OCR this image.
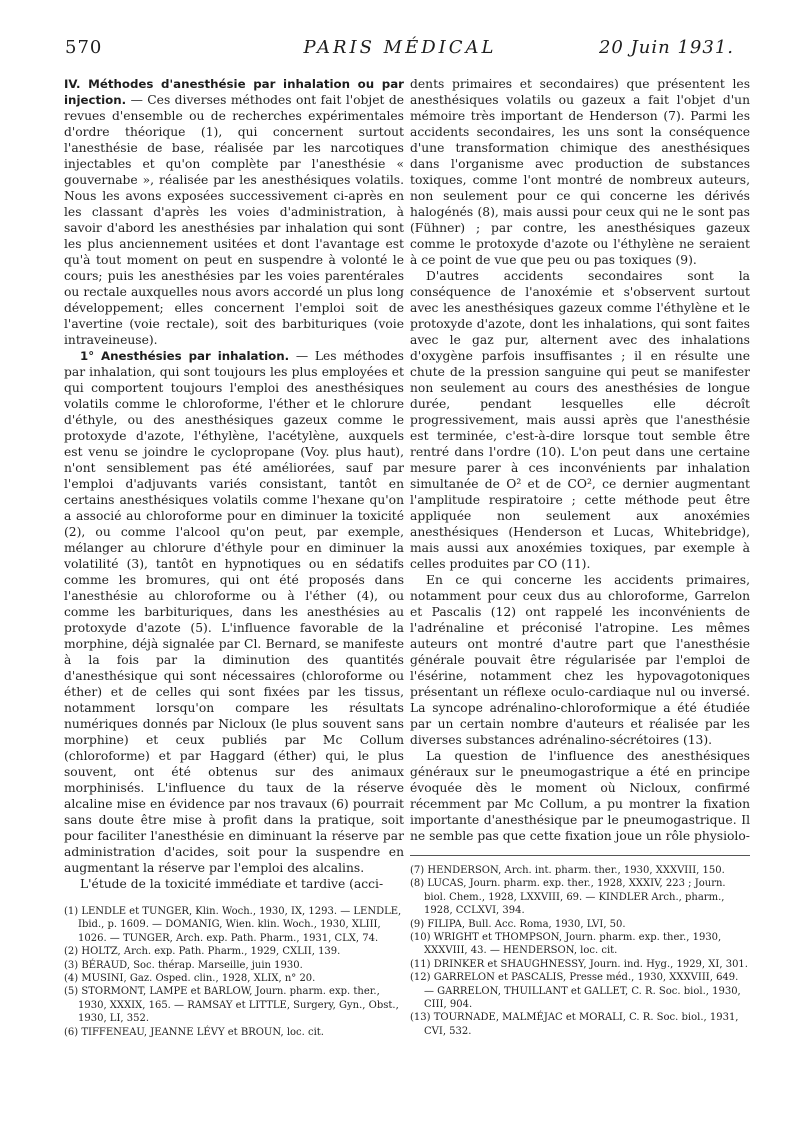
570	PARIS MÉDICAL	20 Juin 1931.

IV. Méthodes d'anesthésie par inhalation ou par injection. — Ces diverses méthodes ont fait l'objet de revues d'ensemble ou de recherches expérimentales d'ordre théorique (1), qui concernent surtout l'anesthésie de base, réalisée par les narcotiques injectables et qu'on complète par l'anesthésie « gouvernabe », réalisée par les anesthésiques volatils. Nous les avons exposées successivement ci-après en les classant d'après les voies d'administration, à savoir d'abord les anesthésies par inhalation qui sont les plus anciennement usitées et dont l'avantage est qu'à tout moment on peut en suspendre à volonté le cours; puis les anesthésies par les voies parentérales ou rectale auxquelles nous avors accordé un plus long développement; elles concernent l'emploi soit de l'avertine (voie rectale), soit des barbituriques (voie intraveineuse).

1° Anesthésies par inhalation. — Les méthodes par inhalation, qui sont toujours les plus employées et qui comportent toujours l'emploi des anesthésiques volatils comme le chloroforme, l'éther et le chlorure d'éthyle, ou des anesthésiques gazeux comme le protoxyde d'azote, l'éthylène, l'acétylène, auxquels est venu se joindre le cyclopropane (Voy. plus haut), n'ont sensiblement pas été améliorées, sauf par l'emploi d'adjuvants variés consistant, tantôt en certains anesthésiques volatils comme l'hexane qu'on a associé au chloroforme pour en diminuer la toxicité (2), ou comme l'alcool qu'on peut, par exemple, mélanger au chlorure d'éthyle pour en diminuer la volatilité (3), tantôt en hypnotiques ou en sédatifs comme les bromures, qui ont été proposés dans l'anesthésie au chloroforme ou à l'éther (4), ou comme les barbituriques, dans les anesthésies au protoxyde d'azote (5). L'influence favorable de la morphine, déjà signalée par Cl. Bernard, se manifeste à la fois par la diminution des quantités d'anesthésique qui sont nécessaires (chloroforme ou éther) et de celles qui sont fixées par les tissus, notamment lorsqu'on compare les résultats numériques donnés par Nicloux (le plus souvent sans morphine) et ceux publiés par Mc Collum (chloroforme) et par Haggard (éther) qui, le plus souvent, ont été obtenus sur des animaux morphinisés. L'influence du taux de la réserve alcaline mise en évidence par nos travaux (6) pourrait sans doute être mise à profit dans la pratique, soit pour faciliter l'anesthésie en diminuant la réserve par administration d'acides, soit pour la suspendre en augmentant la réserve par l'emploi des alcalins.

L'étude de la toxicité immédiate et tardive (acci-

dents primaires et secondaires) que présentent les anesthésiques volatils ou gazeux a fait l'objet d'un mémoire très important de Henderson (7). Parmi les accidents secondaires, les uns sont la conséquence d'une transformation chimique des anesthésiques dans l'organisme avec production de substances toxiques, comme l'ont montré de nombreux auteurs, non seulement pour ce qui concerne les dérivés halogénés (8), mais aussi pour ceux qui ne le sont pas (Fühner) ; par contre, les anesthésiques gazeux comme le protoxyde d'azote ou l'éthylène ne seraient à ce point de vue que peu ou pas toxiques (9).

D'autres accidents secondaires sont la conséquence de l'anoxémie et s'observent surtout avec les anesthésiques gazeux comme l'éthylène et le protoxyde d'azote, dont les inhalations, qui sont faites avec le gaz pur, alternent avec des inhalations d'oxygène parfois insuffisantes ; il en résulte une chute de la pression sanguine qui peut se manifester non seulement au cours des anesthésies de longue durée, pendant lesquelles elle décroît progressivement, mais aussi après que l'anesthésie est terminée, c'est-à-dire lorsque tout semble être rentré dans l'ordre (10). L'on peut dans une certaine mesure parer à ces inconvénients par inhalation simultanée de O² et de CO², ce dernier augmentant l'amplitude respiratoire ; cette méthode peut être appliquée non seulement aux anoxémies anesthésiques (Henderson et Lucas, Whitebridge), mais aussi aux anoxémies toxiques, par exemple à celles produites par CO (11).

En ce qui concerne les accidents primaires, notamment pour ceux dus au chloroforme, Garrelon et Pascalis (12) ont rappelé les inconvénients de l'adrénaline et préconisé l'atropine. Les mêmes auteurs ont montré d'autre part que l'anesthésie générale pouvait être régularisée par l'emploi de l'ésérine, notamment chez les hypovagotoniques présentant un réflexe oculo-cardiaque nul ou inversé. La syncope adrénalino-chloroformique a été étudiée par un certain nombre d'auteurs et réalisée par les diverses substances adrénalino-sécrétoires (13).

La question de l'influence des anesthésiques généraux sur le pneumogastrique a été en principe évoquée dès le moment où Nicloux, confirmé récemment par Mc Collum, a pu montrer la fixation importante d'anesthésique par le pneumogastrique. Il ne semble pas que cette fixation joue un rôle physiolo-

(1) LENDLE et TUNGER, Klin. Woch., 1930, IX, 1293. — LENDLE, Ibid., p. 1609. — DOMANIG, Wien. klin. Woch., 1930, XLIII, 1026. — TUNGER, Arch. exp. Path. Pharm., 1931, CLX, 74.

(2) HOLTZ, Arch. exp. Path. Pharm., 1929, CXLII, 139.

(3) BÉRAUD, Soc. thérap. Marseille, juin 1930.

(4) MUSINI, Gaz. Osped. clin., 1928, XLIX, n° 20.

(5) STORMONT, LAMPE et BARLOW, Journ. pharm. exp. ther., 1930, XXXIX, 165. — RAMSAY et LITTLE, Surgery, Gyn., Obst., 1930, LI, 352.

(6) TIFFENEAU, JEANNE LÉVY et BROUN, loc. cit.

(7) HENDERSON, Arch. int. pharm. ther., 1930, XXXVIII, 150.

(8) LUCAS, Journ. pharm. exp. ther., 1928, XXXIV, 223 ; Journ. biol. Chem., 1928, LXXVIII, 69. — KINDLER Arch., pharm., 1928, CCLXVI, 394.

(9) FILIPA, Bull. Acc. Roma, 1930, LVI, 50.

(10) WRIGHT et THOMPSON, Journ. pharm. exp. ther., 1930, XXXVIII, 43. — HENDERSON, loc. cit.

(11) DRINKER et SHAUGHNESSY, Journ. ind. Hyg., 1929, XI, 301.

(12) GARRELON et PASCALIS, Presse méd., 1930, XXXVIII, 649. — GARRELON, THUILLANT et GALLET, C. R. Soc. biol., 1930, CIII, 904.

(13) TOURNADE, MALMÉJAC et MORALI, C. R. Soc. biol., 1931, CVI, 532.
